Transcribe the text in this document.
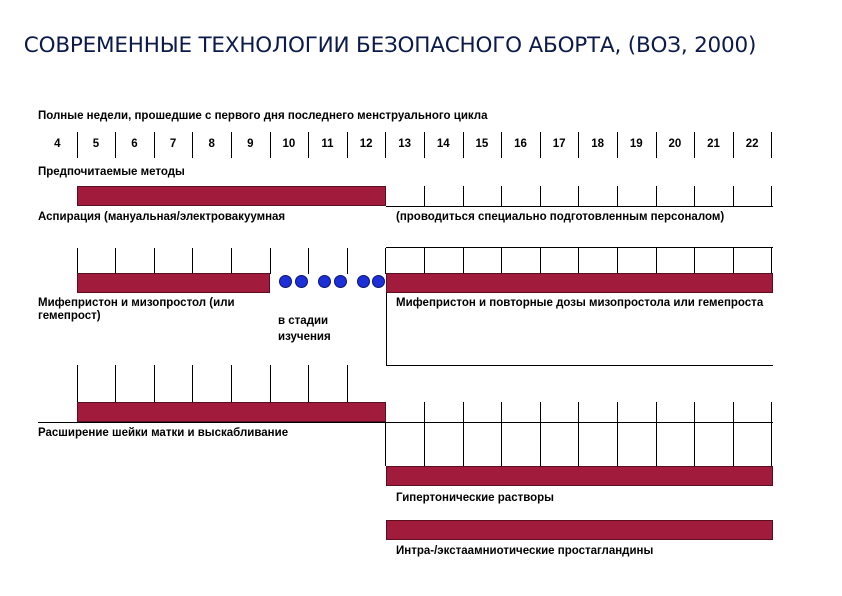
СОВРЕМЕННЫЕ ТЕХНОЛОГИИ БЕЗОПАСНОГО АБОРТА, (ВОЗ, 2000)
Полные недели, прошедшие с первого дня последнего менструального цикла
4	5	6	7	8	9	10	11	12	13	14	15	16	17	18	19	20	21	22
Предпочитаемые методы
Аспирация (мануальная/электровакуумная	(проводиться специально подготовленным персоналом)
Мифепристон и мизопростол (или гемепрост)	в стадии изучения
Мифепристон и повторные дозы мизопростола или гемепроста
Расширение шейки матки и выскабливание
Гипертонические растворы
Интра-/экстаамниотические простагландины
